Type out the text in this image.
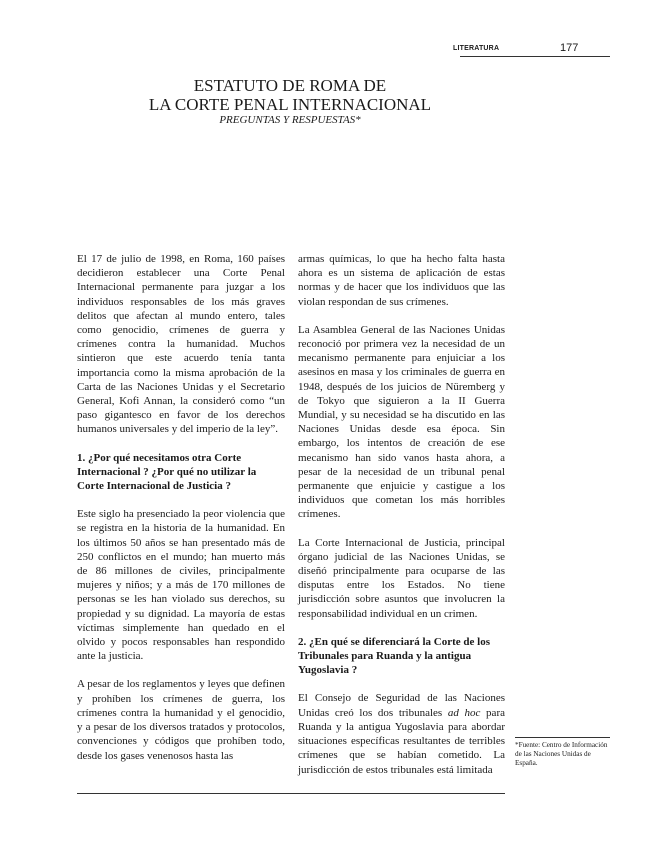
LITERATURA	177
ESTATUTO DE ROMA DE
LA CORTE PENAL INTERNACIONAL
PREGUNTAS Y RESPUESTAS*

El 17 de julio de 1998, en Roma, 160 países decidieron establecer una Corte Penal Internacional permanente para juzgar a los individuos responsables de los más graves delitos que afectan al mundo entero, tales como genocidio, crímenes de guerra y crímenes contra la humanidad. Muchos sintieron que este acuerdo tenía tanta importancia como la misma aprobación de la Carta de las Naciones Unidas y el Secretario General, Kofi Annan, la consideró como “un paso gigantesco en favor de los derechos humanos universales y del imperio de la ley”.

1. ¿Por qué necesitamos otra Corte Internacional ? ¿Por qué no utilizar la Corte Internacional de Justicia ?

Este siglo ha presenciado la peor violencia que se registra en la historia de la humanidad. En los últimos 50 años se han presentado más de 250 conflictos en el mundo; han muerto más de 86 millones de civiles, principalmente mujeres y niños; y a más de 170 millones de personas se les han violado sus derechos, su propiedad y su dignidad. La mayoría de estas víctimas simplemente han quedado en el olvido y pocos responsables han respondido ante la justicia.

A pesar de los reglamentos y leyes que definen y prohíben los crímenes de guerra, los crímenes contra la humanidad y el genocidio, y a pesar de los diversos tratados y protocolos, convenciones y códigos que prohíben todo, desde los gases venenosos hasta las

armas químicas, lo que ha hecho falta hasta ahora es un sistema de aplicación de estas normas y de hacer que los individuos que las violan respondan de sus crímenes.

La Asamblea General de las Naciones Unidas reconoció por primera vez la necesidad de un mecanismo permanente para enjuiciar a los asesinos en masa y los criminales de guerra en 1948, después de los juicios de Nüremberg y de Tokyo que siguieron a la II Guerra Mundial, y su necesidad se ha discutido en las Naciones Unidas desde esa época. Sin embargo, los intentos de creación de ese mecanismo han sido vanos hasta ahora, a pesar de la necesidad de un tribunal penal permanente que enjuicie y castigue a los individuos que cometan los más horribles crímenes.

La Corte Internacional de Justicia, principal órgano judicial de las Naciones Unidas, se diseñó principalmente para ocuparse de las disputas entre los Estados. No tiene jurisdicción sobre asuntos que involucren la responsabilidad individual en un crimen.

2. ¿En qué se diferenciará la Corte de los Tribunales para Ruanda y la antigua Yugoslavia ?

El Consejo de Seguridad de las Naciones Unidas creó los dos tribunales ad hoc para Ruanda y la antigua Yugoslavia para abordar situaciones específicas resultantes de terribles crímenes que se habían cometido. La jurisdicción de estos tribunales está limitada

*Fuente: Centro de Información de las Naciones Unidas de España.
